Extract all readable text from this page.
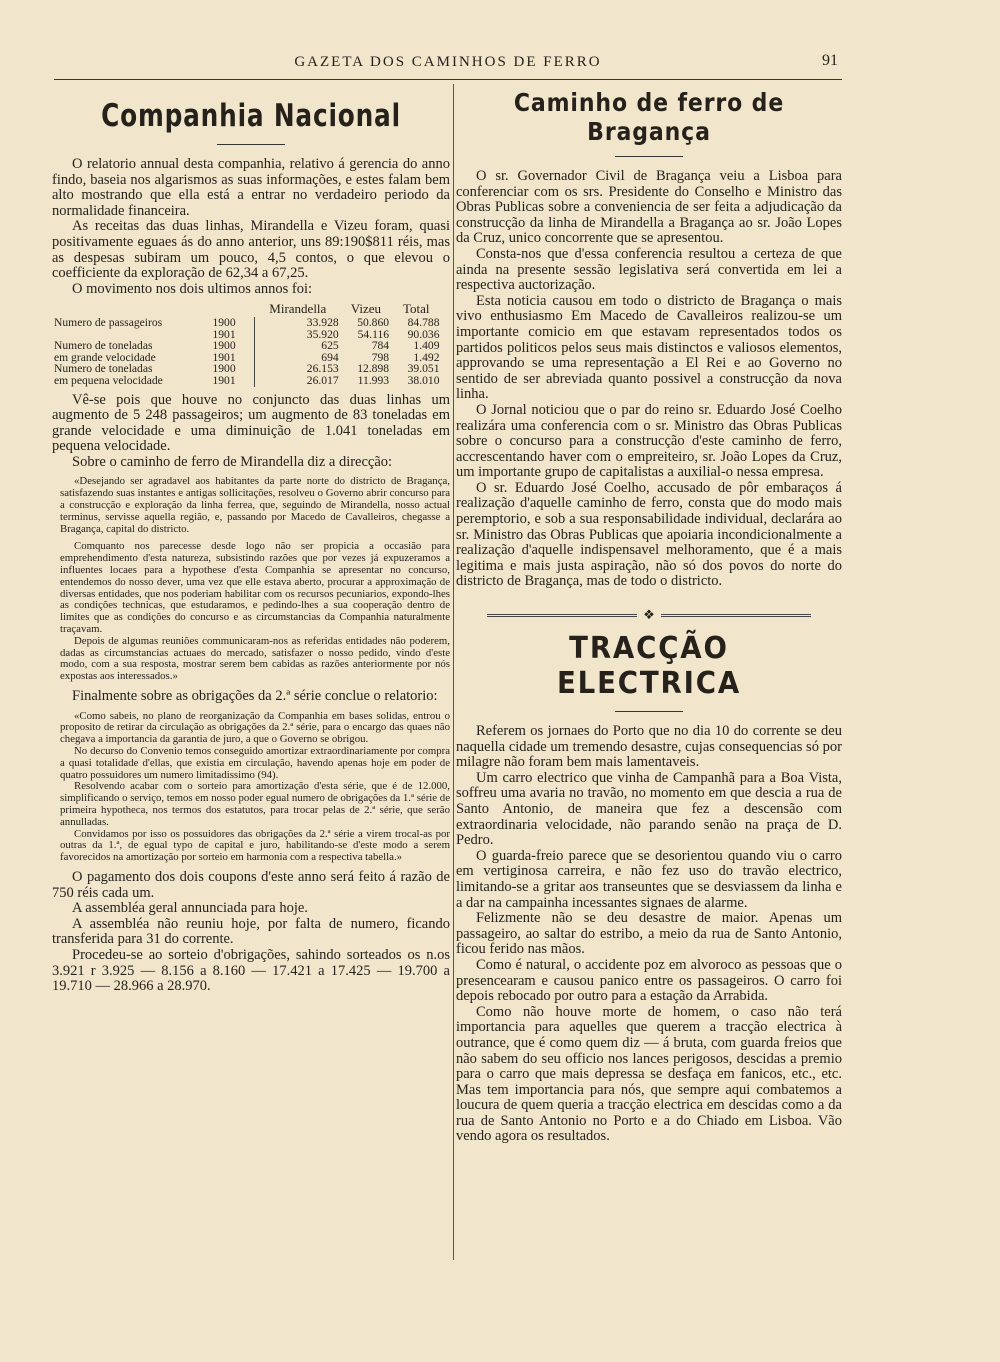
GAZETA DOS CAMINHOS DE FERRO	91
Companhia Nacional

O relatorio annual desta companhia, relativo á gerencia do anno findo, baseia nos algarismos as suas informações, e estes falam bem alto mostrando que ella está a entrar no verdadeiro periodo da normalidade financeira.

As receitas das duas linhas, Mirandella e Vizeu foram, quasi positivamente eguaes ás do anno anterior, uns 89:190$811 réis, mas as despesas subiram um pouco, 4,5 contos, o que elevou o coefficiente da exploração de 62,34 a 67,25.

O movimento nos dois ultimos annos foi:

		Mirandella	Vizeu	Total
Numero de passageiros	1900	33.928	50.860	84.788
	1901	35.920	54.116	90.036
Numero de toneladas	1900	625	784	1.409
em grande velocidade	1901	694	798	1.492
Numero de toneladas	1900	26.153	12.898	39.051
em pequena velocidade	1901	26.017	11.993	38.010

Vê-se pois que houve no conjuncto das duas linhas um augmento de 5 248 passageiros; um augmento de 83 toneladas em grande velocidade e uma diminuição de 1.041 toneladas em pequena velocidade.

Sobre o caminho de ferro de Mirandella diz a direcção:

«Desejando ser agradavel aos habitantes da parte norte do districto de Bragança, satisfazendo suas instantes e antigas sollicitações, resolveu o Governo abrir concurso para a construcção e exploração da linha ferrea, que, seguindo de Mirandella, nosso actual terminus, servisse aquella região, e, passando por Macedo de Cavalleiros, chegasse a Bragança, capital do districto.

Comquanto nos parecesse desde logo não ser propicia a occasião para emprehendimento d'esta natureza, subsistindo razões que por vezes já expuzeramos a influentes locaes para a hypothese d'esta Companhia se apresentar no concurso, entendemos do nosso dever, uma vez que elle estava aberto, procurar a approximação de diversas entidades, que nos poderiam habilitar com os recursos pecuniarios, expondo-lhes as condições technicas, que estudaramos, e pedindo-lhes a sua cooperação dentro de limites que as condições do concurso e as circumstancias da Companhia naturalmente traçavam.

Depois de algumas reuniões communicaram-nos as referidas entidades não poderem, dadas as circumstancias actuaes do mercado, satisfazer o nosso pedido, vindo d'este modo, com a sua resposta, mostrar serem bem cabidas as razões anteriormente por nós expostas aos interessados.»

Finalmente sobre as obrigações da 2.ª série conclue o relatorio:

«Como sabeis, no plano de reorganização da Companhia em bases solidas, entrou o proposito de retirar da circulação as obrigações da 2.ª série, para o encargo das quaes não chegava a importancia da garantia de juro, a que o Governo se obrigou.

No decurso do Convenio temos conseguido amortizar extraordinariamente por compra a quasi totalidade d'ellas, que existia em circulação, havendo apenas hoje em poder de quatro possuidores um numero limitadissimo (94).

Resolvendo acabar com o sorteio para amortização d'esta série, que é de 12.000, simplificando o serviço, temos em nosso poder egual numero de obrigações da 1.ª série de primeira hypotheca, nos termos dos estatutos, para trocar pelas de 2.ª série, que serão annulladas.

Convidamos por isso os possuidores das obrigações da 2.ª série a virem trocal-as por outras da 1.ª, de egual typo de capital e juro, habilitando-se d'este modo a serem favorecidos na amortização por sorteio em harmonia com a respectiva tabella.»

O pagamento dos dois coupons d'este anno será feito á razão de 750 réis cada um.

A assembléa geral annunciada para hoje.

A assembléa não reuniu hoje, por falta de numero, ficando transferida para 31 do corrente.

Procedeu-se ao sorteio d'obrigações, sahindo sorteados os n.os 3.921 r 3.925 — 8.156 a 8.160 — 17.421 a 17.425 — 19.700 a 19.710 — 28.966 a 28.970.

Caminho de ferro de Bragança

O sr. Governador Civil de Bragança veiu a Lisboa para conferenciar com os srs. Presidente do Conselho e Ministro das Obras Publicas sobre a conveniencia de ser feita a adjudicação da construcção da linha de Mirandella a Bragança ao sr. João Lopes da Cruz, unico concorrente que se apresentou.

Consta-nos que d'essa conferencia resultou a certeza de que ainda na presente sessão legislativa será convertida em lei a respectiva auctorização.

Esta noticia causou em todo o districto de Bragança o mais vivo enthusiasmo Em Macedo de Cavalleiros realizou-se um importante comicio em que estavam representados todos os partidos politicos pelos seus mais distinctos e valiosos elementos, approvando se uma representação a El Rei e ao Governo no sentido de ser abreviada quanto possivel a construcção da nova linha.

O Jornal noticiou que o par do reino sr. Eduardo José Coelho realizára uma conferencia com o sr. Ministro das Obras Publicas sobre o concurso para a construcção d'este caminho de ferro, accrescentando haver com o empreiteiro, sr. João Lopes da Cruz, um importante grupo de capitalistas a auxilial-o nessa empresa.

O sr. Eduardo José Coelho, accusado de pôr embaraços á realização d'aquelle caminho de ferro, consta que do modo mais peremptorio, e sob a sua responsabilidade individual, declarára ao sr. Ministro das Obras Publicas que apoiaria incondicionalmente a realização d'aquelle indispensavel melhoramento, que é a mais legitima e mais justa aspiração, não só dos povos do norte do districto de Bragança, mas de todo o districto.

❖
TRACÇÃO ELECTRICA

Referem os jornaes do Porto que no dia 10 do corrente se deu naquella cidade um tremendo desastre, cujas consequencias só por milagre não foram bem mais lamentaveis.

Um carro electrico que vinha de Campanhã para a Boa Vista, soffreu uma avaria no travão, no momento em que descia a rua de Santo Antonio, de maneira que fez a descensão com extraordinaria velocidade, não parando senão na praça de D. Pedro.

O guarda-freio parece que se desorientou quando viu o carro em vertiginosa carreira, e não fez uso do travão electrico, limitando-se a gritar aos transeuntes que se desviassem da linha e a dar na campainha incessantes signaes de alarme.

Felizmente não se deu desastre de maior. Apenas um passageiro, ao saltar do estribo, a meio da rua de Santo Antonio, ficou ferido nas mãos.

Como é natural, o accidente poz em alvoroco as pessoas que o presencearam e causou panico entre os passageiros. O carro foi depois rebocado por outro para a estação da Arrabida.

Como não houve morte de homem, o caso não terá importancia para aquelles que querem a tracção electrica à outrance, que é como quem diz — á bruta, com guarda freios que não sabem do seu officio nos lances perigosos, descidas a premio para o carro que mais depressa se desfaça em fanicos, etc., etc. Mas tem importancia para nós, que sempre aqui combatemos a loucura de quem queria a tracção electrica em descidas como a da rua de Santo Antonio no Porto e a do Chiado em Lisboa. Vão vendo agora os resultados.
